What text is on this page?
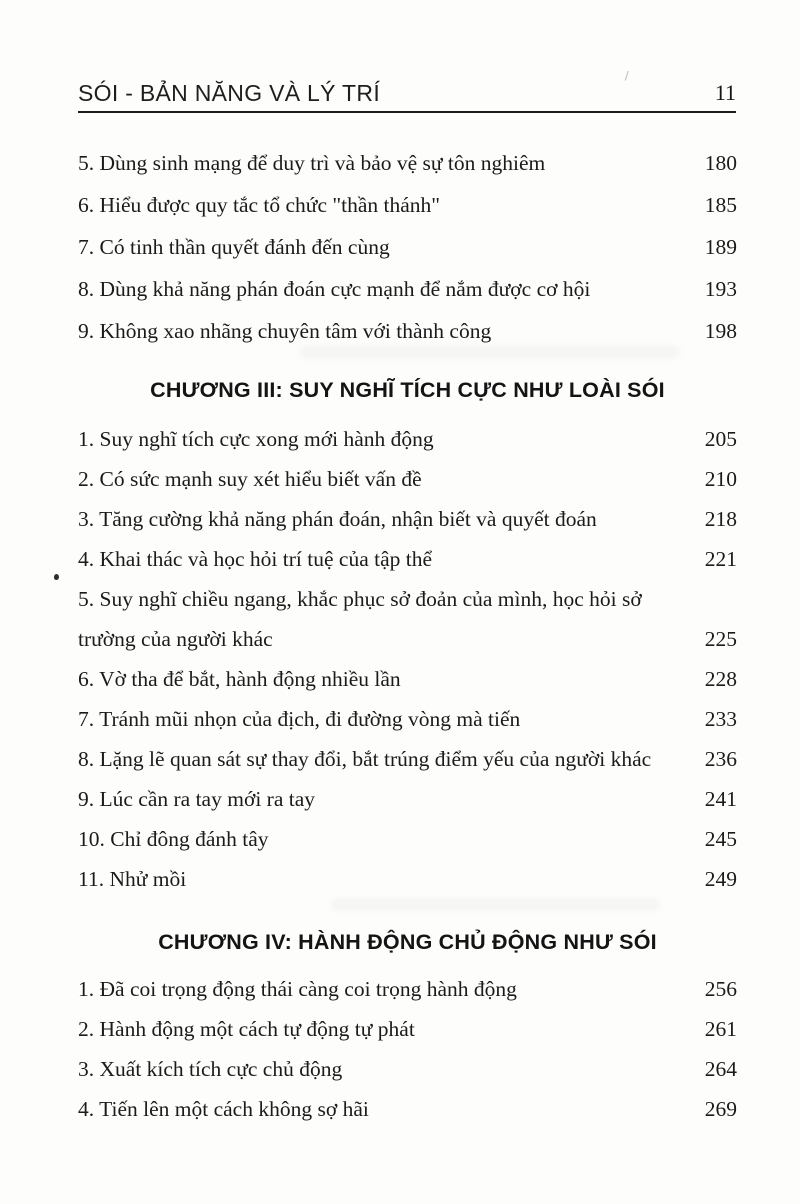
SÓI - BẢN NĂNG VÀ LÝ TRÍ	11
5. Dùng sinh mạng để duy trì và bảo vệ sự tôn nghiêm	180
6. Hiểu được quy tắc tổ chức "thần thánh"	185
7. Có tinh thần quyết đánh đến cùng	189
8. Dùng khả năng phán đoán cực mạnh để nắm được cơ hội	193
9. Không xao nhãng chuyên tâm với thành công	198
CHƯƠNG III: SUY NGHĨ TÍCH CỰC NHƯ LOÀI SÓI
1. Suy nghĩ tích cực xong mới hành động	205
2. Có sức mạnh suy xét hiểu biết vấn đề	210
3. Tăng cường khả năng phán đoán, nhận biết và quyết đoán	218
4. Khai thác và học hỏi trí tuệ của tập thể	221
5. Suy nghĩ chiều ngang, khắc phục sở đoản của mình, học hỏi sở trường của người khác	225
6. Vờ tha để bắt, hành động nhiều lần	228
7. Tránh mũi nhọn của địch, đi đường vòng mà tiến	233
8. Lặng lẽ quan sát sự thay đổi, bắt trúng điểm yếu của người khác	236
9. Lúc cần ra tay mới ra tay	241
10. Chỉ đông đánh tây	245
11. Nhử mồi	249
CHƯƠNG IV: HÀNH ĐỘNG CHỦ ĐỘNG NHƯ SÓI
1. Đã coi trọng động thái càng coi trọng hành động	256
2. Hành động một cách tự động tự phát	261
3. Xuất kích tích cực chủ động	264
4. Tiến lên một cách không sợ hãi	269
